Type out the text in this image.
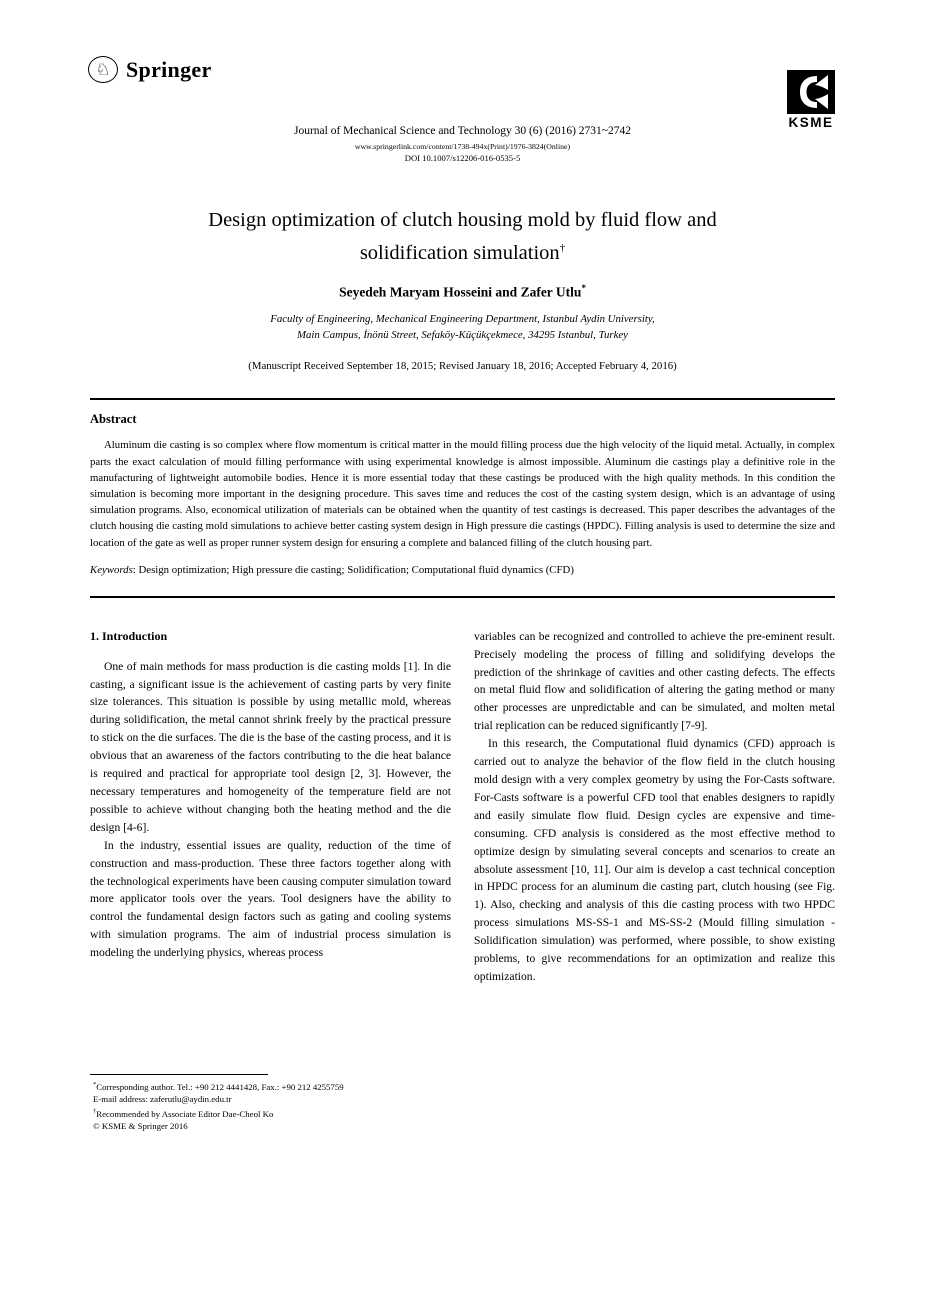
♘ Springer
KSME
Journal of Mechanical Science and Technology 30 (6) (2016) 2731~2742
www.springerlink.com/content/1738-494x(Print)/1976-3824(Online)
DOI 10.1007/s12206-016-0535-5
Design optimization of clutch housing mold by fluid flow and
solidification simulation†
Seyedeh Maryam Hosseini and Zafer Utlu*
Faculty of Engineering, Mechanical Engineering Department, Istanbul Aydin University,
Main Campus, İnönü Street, Sefaköy-Küçükçekmece, 34295 Istanbul, Turkey
(Manuscript Received September 18, 2015; Revised January 18, 2016; Accepted February 4, 2016)
Abstract
Aluminum die casting is so complex where flow momentum is critical matter in the mould filling process due the high velocity of the liquid metal. Actually, in complex parts the exact calculation of mould filling performance with using experimental knowledge is almost impossible. Aluminum die castings play a definitive role in the manufacturing of lightweight automobile bodies. Hence it is more essential today that these castings be produced with the high quality methods. In this condition the simulation is becoming more important in the designing procedure. This saves time and reduces the cost of the casting system design, which is an advantage of using simulation programs. Also, economical utilization of materials can be obtained when the quantity of test castings is decreased. This paper describes the advantages of the clutch housing die casting mold simulations to achieve better casting system design in High pressure die castings (HPDC). Filling analysis is used to determine the size and location of the gate as well as proper runner system design for ensuring a complete and balanced filling of the clutch housing part.
Keywords: Design optimization; High pressure die casting; Solidification; Computational fluid dynamics (CFD)
1. Introduction

One of main methods for mass production is die casting molds [1]. In die casting, a significant issue is the achievement of casting parts by very finite size tolerances. This situation is possible by using metallic mold, whereas during solidification, the metal cannot shrink freely by the practical pressure to stick on the die surfaces. The die is the base of the casting process, and it is obvious that an awareness of the factors contributing to the die heat balance is required and practical for appropriate tool design [2, 3]. However, the necessary temperatures and homogeneity of the temperature field are not possible to achieve without changing both the heating method and the die design [4-6].

In the industry, essential issues are quality, reduction of the time of construction and mass-production. These three factors together along with the technological experiments have been causing computer simulation toward more applicator tools over the years. Tool designers have the ability to control the fundamental design factors such as gating and cooling systems with simulation programs. The aim of industrial process simulation is modeling the underlying physics, whereas process

*Corresponding author. Tel.: +90 212 4441428, Fax.: +90 212 4255759
E-mail address: zaferutlu@aydin.edu.tr
†Recommended by Associate Editor Dae-Cheol Ko
© KSME & Springer 2016

variables can be recognized and controlled to achieve the pre-eminent result. Precisely modeling the process of filling and solidifying develops the prediction of the shrinkage of cavities and other casting defects. The effects on metal fluid flow and solidification of altering the gating method or many other processes are unpredictable and can be simulated, and molten metal trial replication can be reduced significantly [7-9].

In this research, the Computational fluid dynamics (CFD) approach is carried out to analyze the behavior of the flow field in the clutch housing mold design with a very complex geometry by using the For-Casts software. For-Casts software is a powerful CFD tool that enables designers to rapidly and easily simulate flow fluid. Design cycles are expensive and time-consuming. CFD analysis is considered as the most effective method to optimize design by simulating several concepts and scenarios to create an absolute assessment [10, 11]. Our aim is develop a cast technical conception in HPDC process for an aluminum die casting part, clutch housing (see Fig. 1). Also, checking and analysis of this die casting process with two HPDC process simulations MS-SS-1 and MS-SS-2 (Mould filling simulation - Solidification simulation) was performed, where possible, to show existing problems, to give recommendations for an optimization and realize this optimization.
